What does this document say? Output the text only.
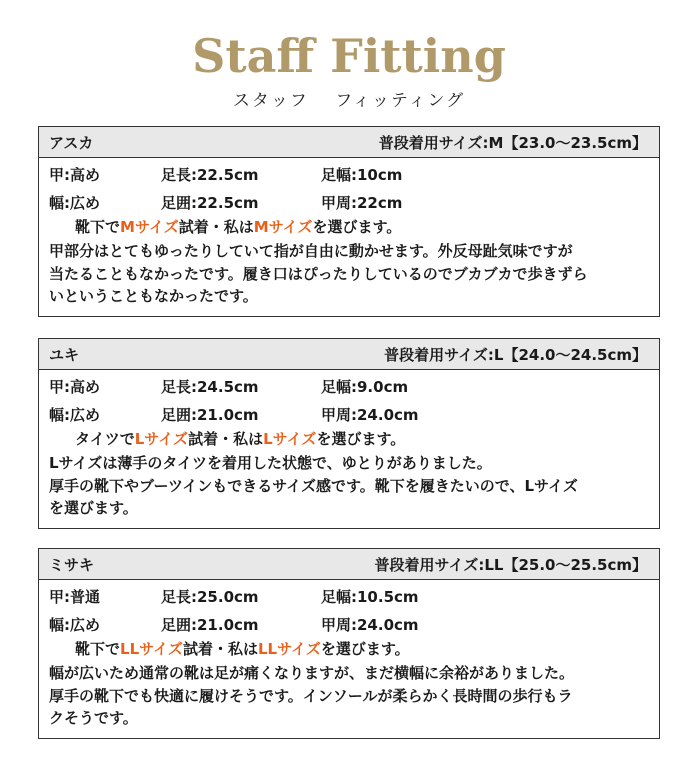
Staff Fitting
スタッフ　 フィッティング
アスカ	普段着用サイズ:M【23.0〜23.5cm】
甲:高め	足長:22.5cm	足幅:10cm
幅:広め	足囲:22.5cm	甲周:22cm
靴下でMサイズ試着・私はMサイズを選びます。
甲部分はとてもゆったりしていて指が自由に動かせます。外反母趾気味ですが
当たることもなかったです。履き口はぴったりしているのでブカブカで歩きずら
いということもなかったです。
ユキ	普段着用サイズ:L【24.0〜24.5cm】
甲:高め	足長:24.5cm	足幅:9.0cm
幅:広め	足囲:21.0cm	甲周:24.0cm
タイツでLサイズ試着・私はLサイズを選びます。
Lサイズは薄手のタイツを着用した状態で、ゆとりがありました。
厚手の靴下やブーツインもできるサイズ感です。靴下を履きたいので、Lサイズ
を選びます。
ミサキ	普段着用サイズ:LL【25.0〜25.5cm】
甲:普通	足長:25.0cm	足幅:10.5cm
幅:広め	足囲:21.0cm	甲周:24.0cm
靴下でLLサイズ試着・私はLLサイズを選びます。
幅が広いため通常の靴は足が痛くなりますが、まだ横幅に余裕がありました。
厚手の靴下でも快適に履けそうです。インソールが柔らかく長時間の歩行もラ
クそうです。
